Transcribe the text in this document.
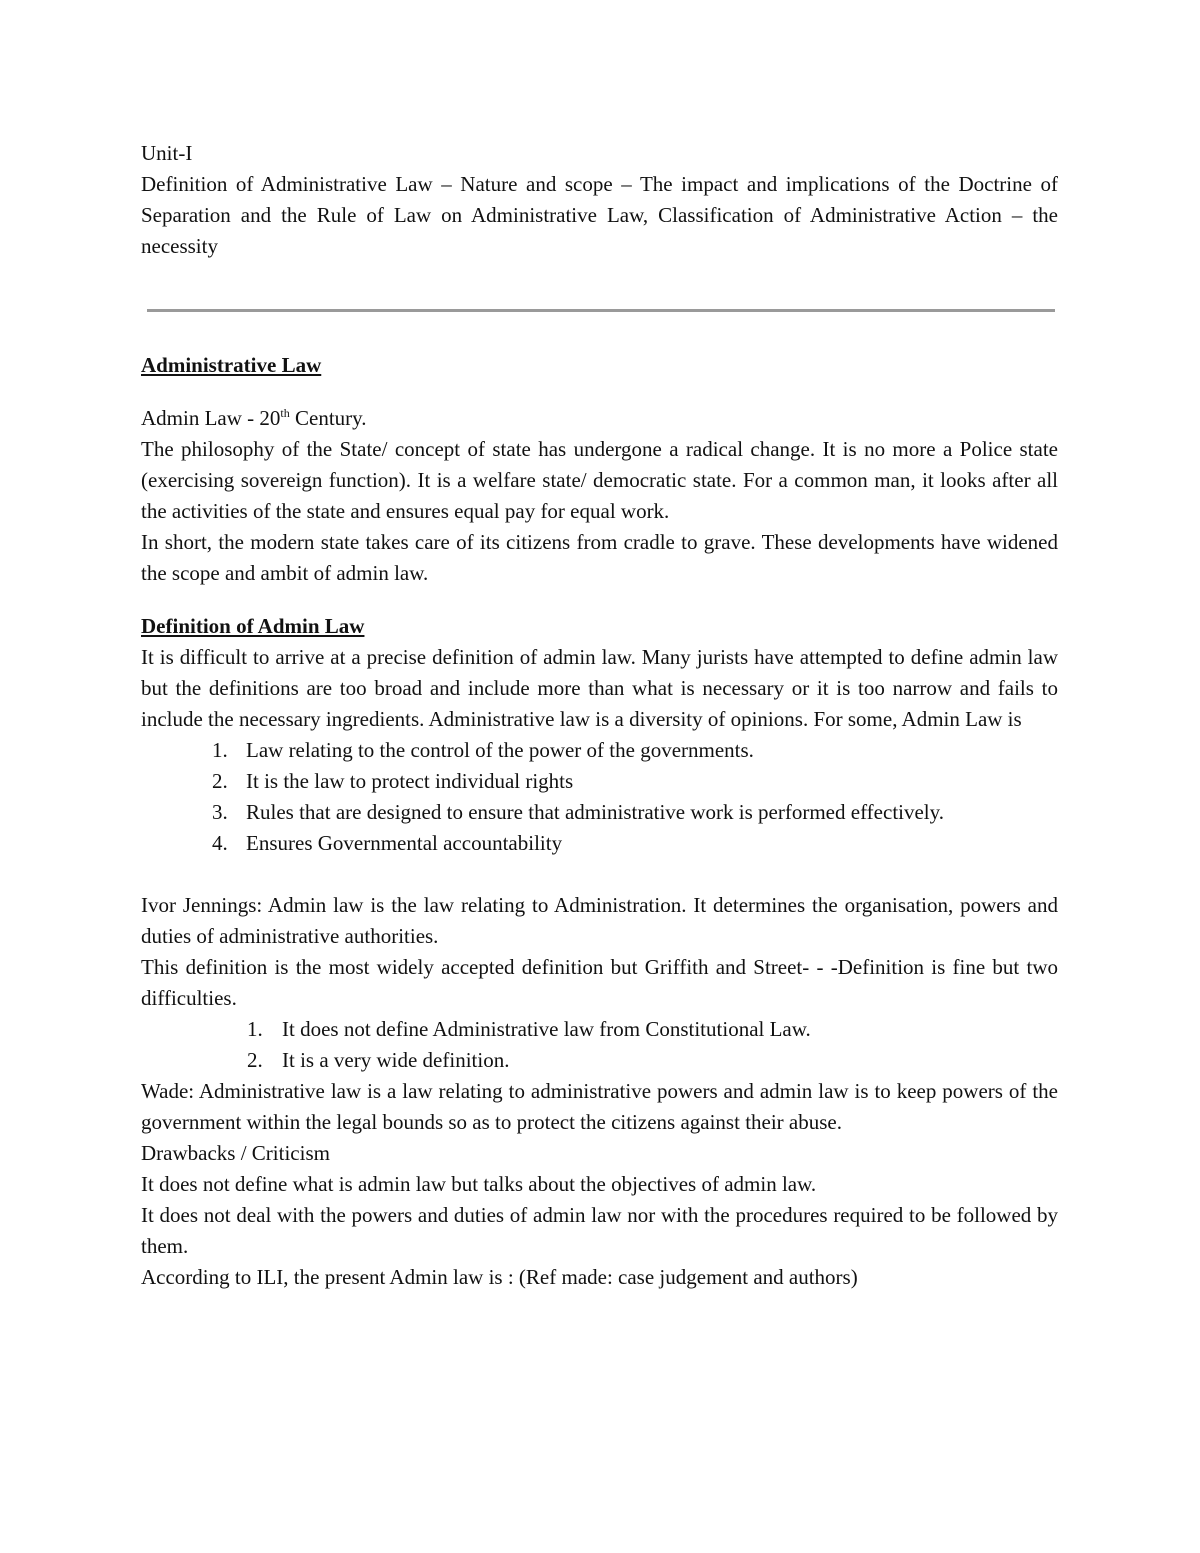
Unit-I

Definition of Administrative Law – Nature and scope – The impact and implications of the Doctrine of Separation and the Rule of Law on Administrative Law, Classification of Administrative Action – the necessity

Administrative Law

Admin Law - 20th Century.

The philosophy of the State/ concept of state has undergone a radical change. It is no more a Police state (exercising sovereign function). It is a welfare state/ democratic state. For a common man, it looks after all the activities of the state and ensures equal pay for equal work.

In short, the modern state takes care of its citizens from cradle to grave. These developments have widened the scope and ambit of admin law.

Definition of Admin Law

It is difficult to arrive at a precise definition of admin law. Many jurists have attempted to define admin law but the definitions are too broad and include more than what is necessary or it is too narrow and fails to include the necessary ingredients. Administrative law is a diversity of opinions. For some, Admin Law is

1. Law relating to the control of the power of the governments.
2. It is the law to protect individual rights
3. Rules that are designed to ensure that administrative work is performed effectively.
4. Ensures Governmental accountability

Ivor Jennings: Admin law is the law relating to Administration. It determines the organisation, powers and duties of administrative authorities.

This definition is the most widely accepted definition but Griffith and Street- - -Definition is fine but two difficulties.

1. It does not define Administrative law from Constitutional Law.
2. It is a very wide definition.

Wade: Administrative law is a law relating to administrative powers and admin law is to keep powers of the government within the legal bounds so as to protect the citizens against their abuse.

Drawbacks / Criticism

It does not define what is admin law but talks about the objectives of admin law.

It does not deal with the powers and duties of admin law nor with the procedures required to be followed by them.

According to ILI, the present Admin law is : (Ref made: case judgement and authors)
